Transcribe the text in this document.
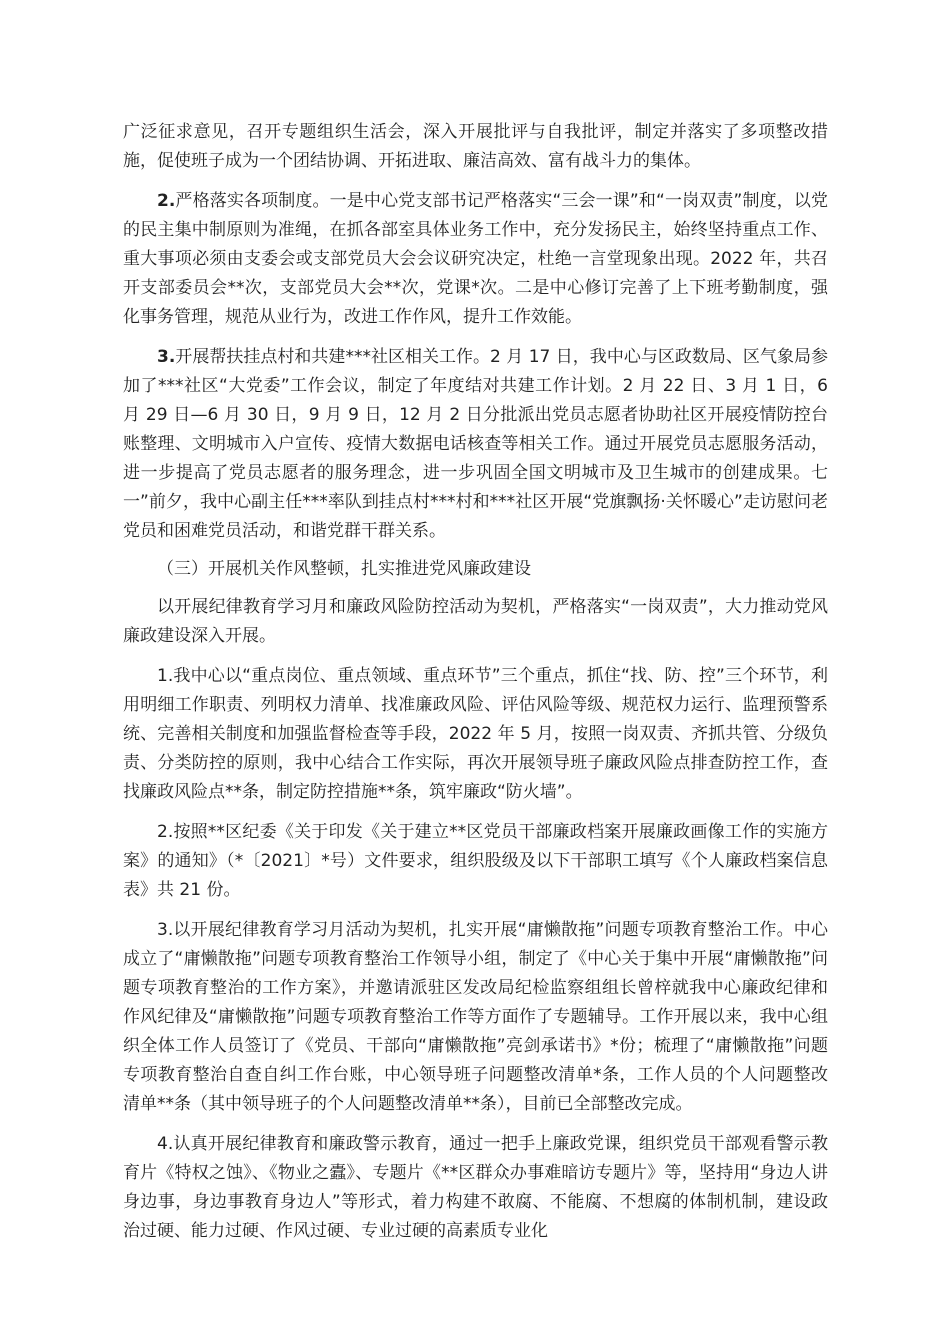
广泛征求意见，召开专题组织生活会，深入开展批评与自我批评，制定并落实了多项整改措施，促使班子成为一个团结协调、开拓进取、廉洁高效、富有战斗力的集体。

2.严格落实各项制度。一是中心党支部书记严格落实“三会一课”和“一岗双责”制度，以党的民主集中制原则为准绳，在抓各部室具体业务工作中，充分发扬民主，始终坚持重点工作、重大事项必须由支委会或支部党员大会会议研究决定，杜绝一言堂现象出现。2022 年，共召开支部委员会**次，支部党员大会**次，党课*次。二是中心修订完善了上下班考勤制度，强化事务管理，规范从业行为，改进工作作风，提升工作效能。

3.开展帮扶挂点村和共建***社区相关工作。2 月 17 日，我中心与区政数局、区气象局参加了***社区“大党委”工作会议，制定了年度结对共建工作计划。2 月 22 日、3 月 1 日，6 月 29 日—6 月 30 日，9 月 9 日，12 月 2 日分批派出党员志愿者协助社区开展疫情防控台账整理、文明城市入户宣传、疫情大数据电话核查等相关工作。通过开展党员志愿服务活动，进一步提高了党员志愿者的服务理念，进一步巩固全国文明城市及卫生城市的创建成果。七一”前夕，我中心副主任***率队到挂点村***村和***社区开展“党旗飘扬·关怀暖心”走访慰问老党员和困难党员活动，和谐党群干群关系。

（三）开展机关作风整顿，扎实推进党风廉政建设

以开展纪律教育学习月和廉政风险防控活动为契机，严格落实“一岗双责”，大力推动党风廉政建设深入开展。

1.我中心以“重点岗位、重点领域、重点环节”三个重点，抓住“找、防、控”三个环节，利用明细工作职责、列明权力清单、找准廉政风险、评估风险等级、规范权力运行、监理预警系统、完善相关制度和加强监督检查等手段，2022 年 5 月，按照一岗双责、齐抓共管、分级负责、分类防控的原则，我中心结合工作实际，再次开展领导班子廉政风险点排查防控工作，查找廉政风险点**条，制定防控措施**条，筑牢廉政“防火墙”。

2.按照**区纪委《关于印发《关于建立**区党员干部廉政档案开展廉政画像工作的实施方案》的通知》（*〔2021〕*号）文件要求，组织股级及以下干部职工填写《个人廉政档案信息表》共 21 份。

3.以开展纪律教育学习月活动为契机，扎实开展“庸懒散拖”问题专项教育整治工作。中心成立了“庸懒散拖”问题专项教育整治工作领导小组，制定了《中心关于集中开展“庸懒散拖”问题专项教育整治的工作方案》，并邀请派驻区发改局纪检监察组组长曾梓就我中心廉政纪律和作风纪律及“庸懒散拖”问题专项教育整治工作等方面作了专题辅导。工作开展以来，我中心组织全体工作人员签订了《党员、干部向“庸懒散拖”亮剑承诺书》*份；梳理了“庸懒散拖”问题专项教育整治自查自纠工作台账，中心领导班子问题整改清单*条，工作人员的个人问题整改清单**条（其中领导班子的个人问题整改清单**条），目前已全部整改完成。

4.认真开展纪律教育和廉政警示教育，通过一把手上廉政党课，组织党员干部观看警示教育片《特权之蚀》、《物业之蠹》、专题片《**区群众办事难暗访专题片》等，坚持用“身边人讲身边事，身边事教育身边人”等形式，着力构建不敢腐、不能腐、不想腐的体制机制，建设政治过硬、能力过硬、作风过硬、专业过硬的高素质专业化
